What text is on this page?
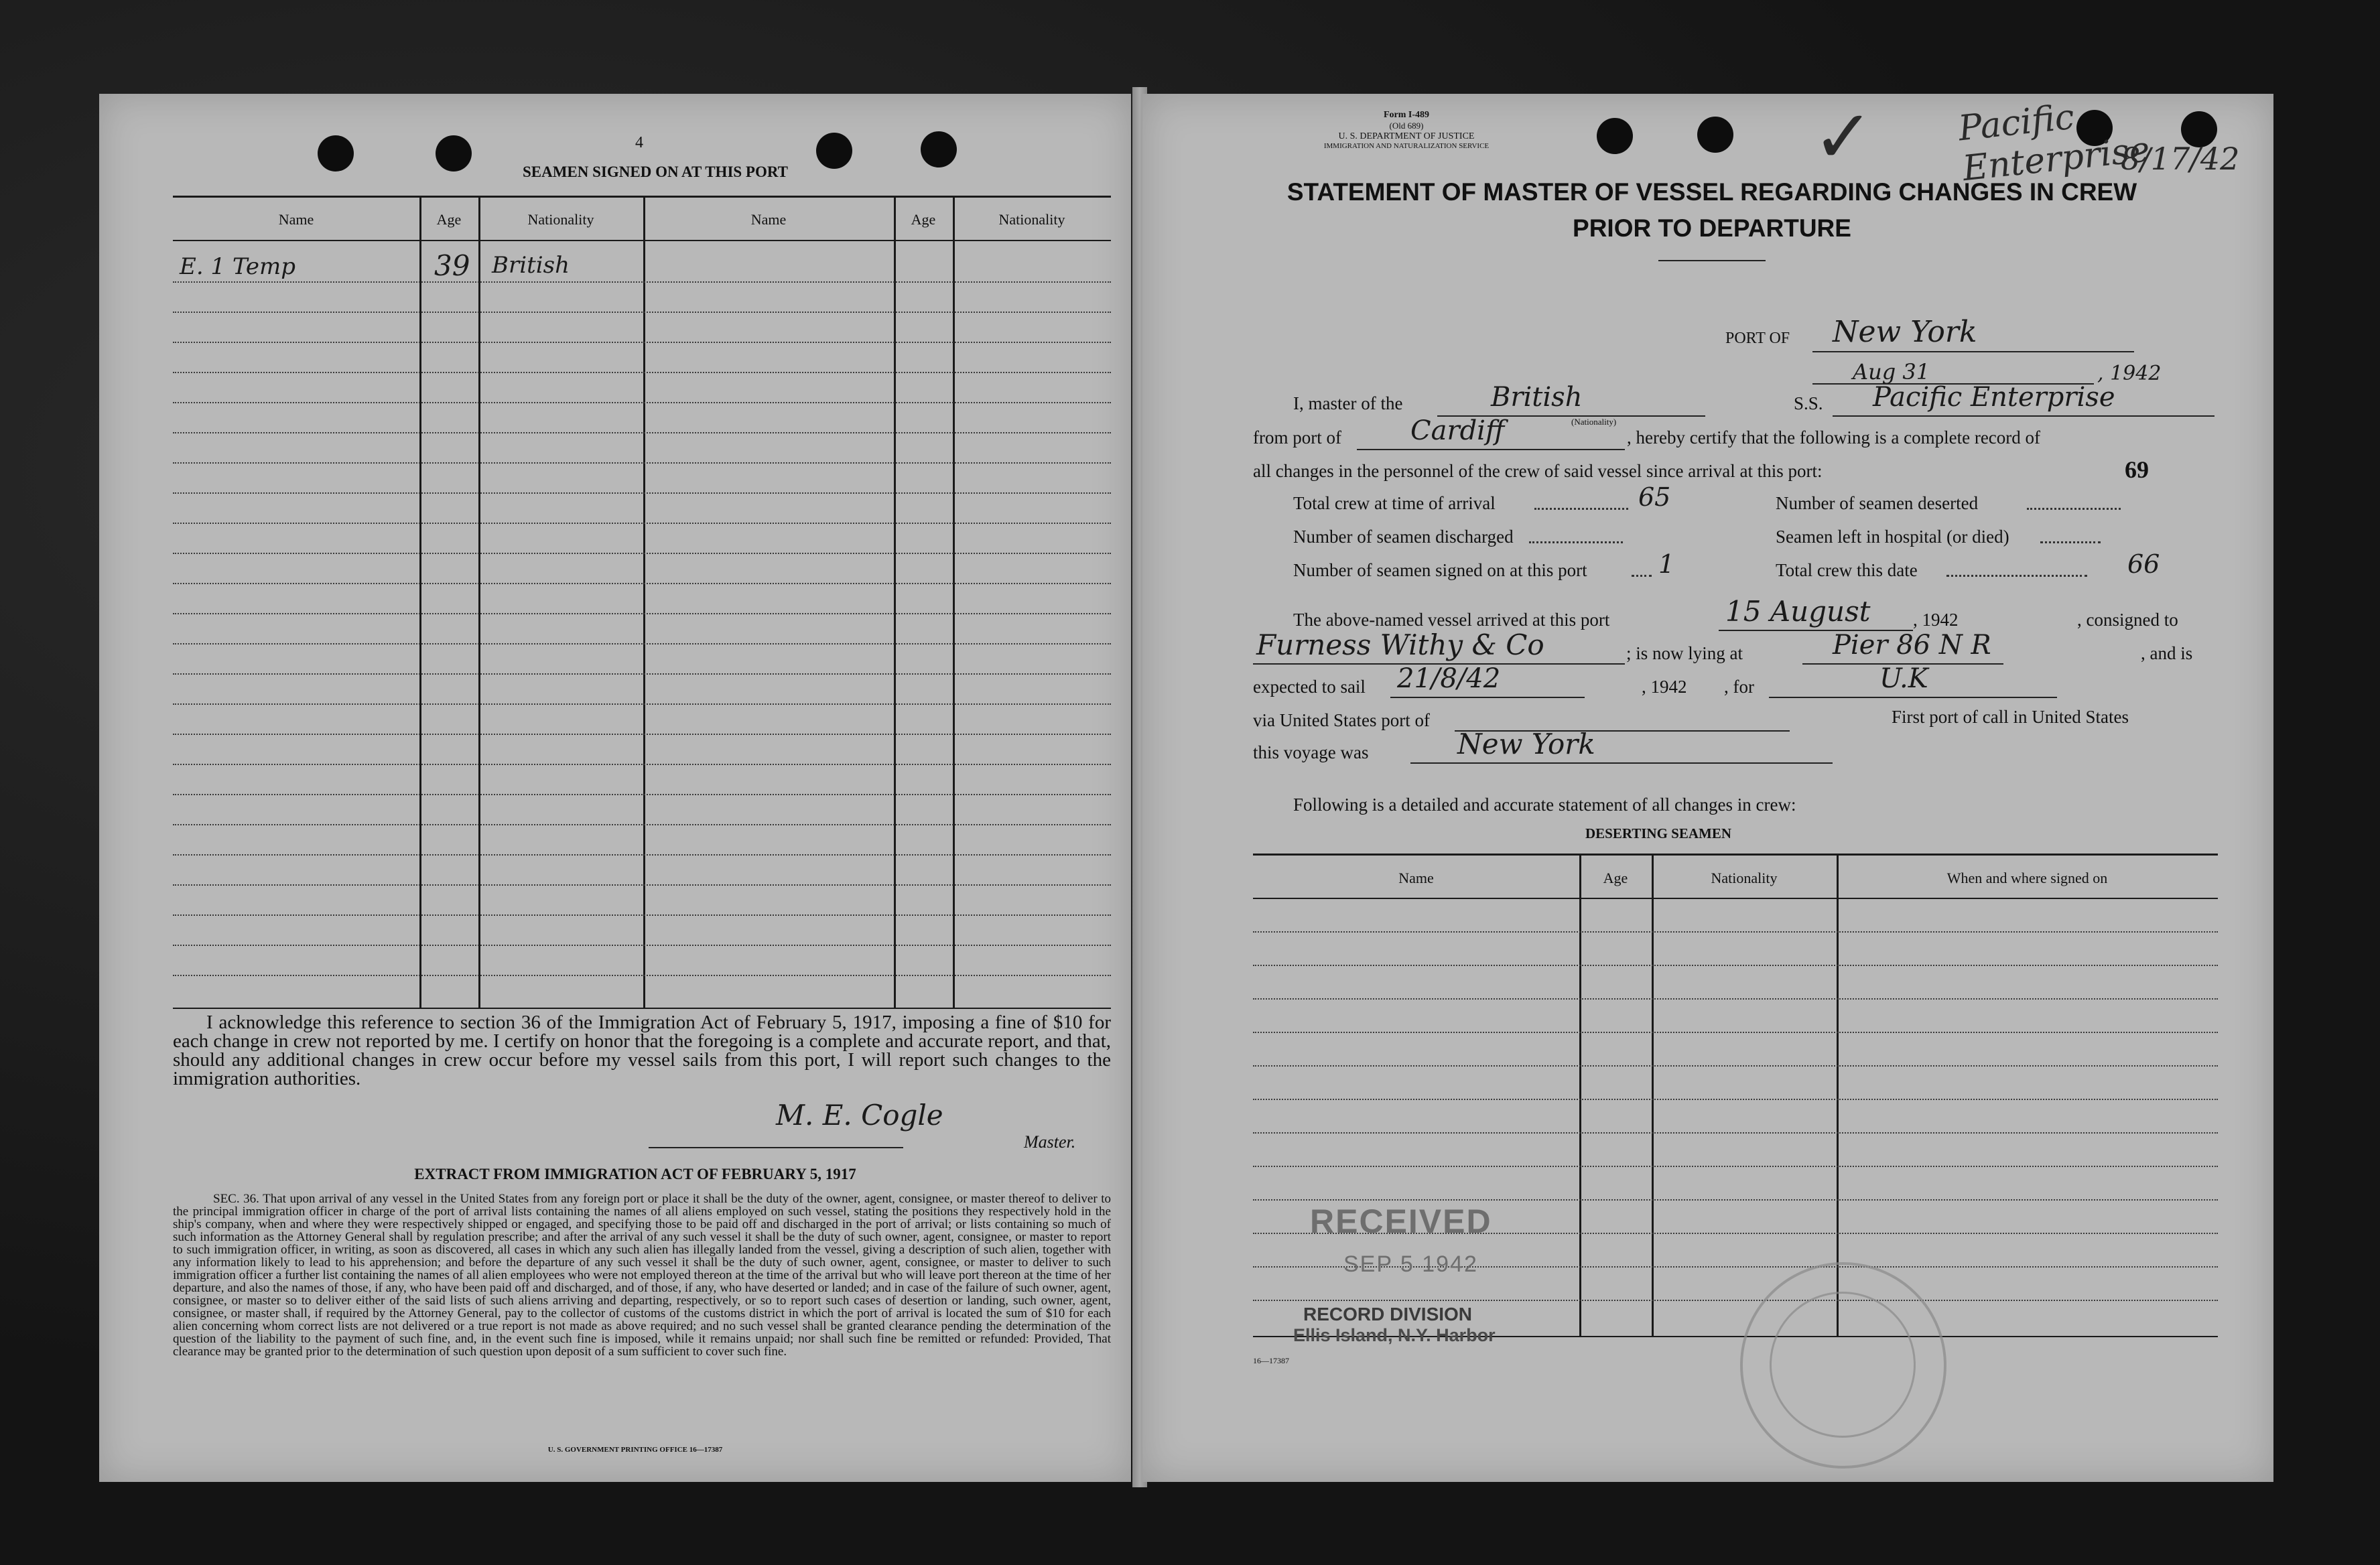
4
SEAMEN SIGNED ON AT THIS PORT
Name	Age	Nationality	Name	Age	Nationality
E. 1 Temp	39 British
I acknowledge this reference to section 36 of the Immigration Act of February 5, 1917, imposing a fine of $10 for each change in crew not reported by me. I certify on honor that the foregoing is a complete and accurate report, and that, should any additional changes in crew occur before my vessel sails from this port, I will report such changes to the immigration authorities.
M. E. Cogle
Master.
EXTRACT FROM IMMIGRATION ACT OF FEBRUARY 5, 1917
SEC. 36. That upon arrival of any vessel in the United States from any foreign port or place it shall be the duty of the owner, agent, consignee, or master thereof to deliver to the principal immigration officer in charge of the port of arrival lists containing the names of all aliens employed on such vessel, stating the positions they respectively hold in the ship's company, when and where they were respectively shipped or engaged, and specifying those to be paid off and discharged in the port of arrival; or lists containing so much of such information as the Attorney General shall by regulation prescribe; and after the arrival of any such vessel it shall be the duty of such owner, agent, consignee, or master to report to such immigration officer, in writing, as soon as discovered, all cases in which any such alien has illegally landed from the vessel, giving a description of such alien, together with any information likely to lead to his apprehension; and before the departure of any such vessel it shall be the duty of such owner, agent, consignee, or master to deliver to such immigration officer a further list containing the names of all alien employees who were not employed thereon at the time of the arrival but who will leave port thereon at the time of her departure, and also the names of those, if any, who have been paid off and discharged, and of those, if any, who have deserted or landed; and in case of the failure of such owner, agent, consignee, or master so to deliver either of the said lists of such aliens arriving and departing, respectively, or so to report such cases of desertion or landing, such owner, agent, consignee, or master shall, if required by the Attorney General, pay to the collector of customs of the customs district in which the port of arrival is located the sum of $10 for each alien concerning whom correct lists are not delivered or a true report is not made as above required; and no such vessel shall be granted clearance pending the determination of the question of the liability to the payment of such fine, and, in the event such fine is imposed, while it remains unpaid; nor shall such fine be remitted or refunded: Provided, That clearance may be granted prior to the determination of such question upon deposit of a sum sufficient to cover such fine.
U. S. GOVERNMENT PRINTING OFFICE 16—17387
Form I-489
(Old 689)
U. S. DEPARTMENT OF JUSTICE
IMMIGRATION AND NATURALIZATION SERVICE	Pacific Enterprise
8/17/42
✓
STATEMENT OF MASTER OF VESSEL REGARDING CHANGES IN CREW
PRIOR TO DEPARTURE
PORT OF New York
Aug 31	, 1942
I, master of the	British
(Nationality)
S.S. Pacific Enterprise
from port of	Cardiff	, hereby certify that the following is a complete record of
all changes in the personnel of the crew of said vessel since arrival at this port:	69
Total crew at time of arrival	65
Number of seamen discharged
Number of seamen signed on at this port	1
Number of seamen deserted
Seamen left in hospital (or died)
Total crew this date	66
The above-named vessel arrived at this port	15 August , 1942	, consigned to
Furness Withy & Co	; is now lying at	Pier 86 N R	, and is
expected to sail 21/8/42	, 1942 , for	U.K
via United States port of	First port of call in United States
this voyage was	New York
Following is a detailed and accurate statement of all changes in crew:
DESERTING SEAMEN
Name	Age	Nationality	When and where signed on
RECEIVED
SEP 5 1942
RECORD DIVISION
Ellis Island, N.Y. Harbor
16—17387
